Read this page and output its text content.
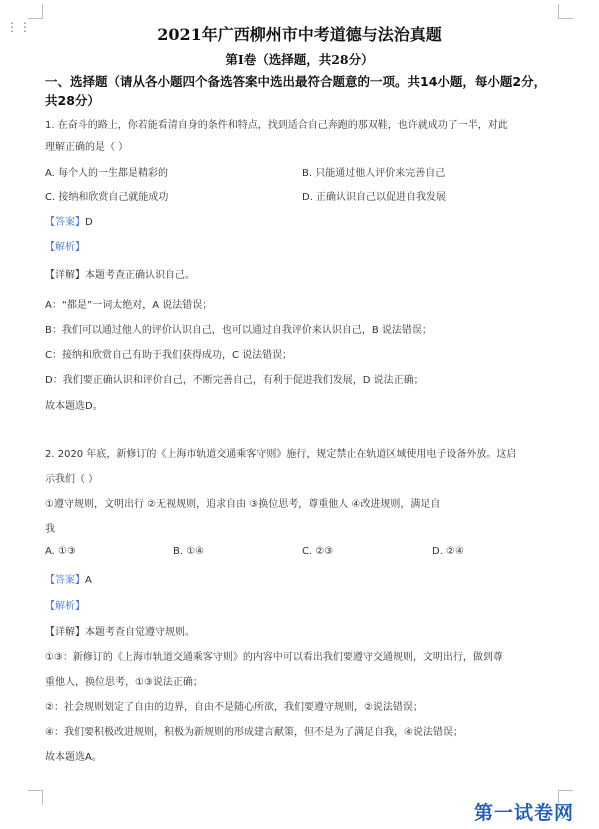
⋮⋮	2021年广西柳州市中考道德与法治真题
第Ⅰ卷（选择题，共28分）
一、选择题（请从各小题四个备选答案中选出最符合题意的一项。共14小题，每小题2分，
共28分）
1. 在奋斗的路上，你若能看清自身的条件和特点，找到适合自己奔跑的那双鞋，也许就成功了一半，对此
理解正确的是（ ）
A. 每个人的一生都是精彩的	B. 只能通过他人评价来完善自己
C. 接纳和欣赏自己就能成功	D. 正确认识自己以促进自我发展
【答案】D
【解析】
【详解】本题考查正确认识自己。
A：“都是”一词太绝对，A 说法错误；
B：我们可以通过他人的评价认识自己，也可以通过自我评价来认识自己，B 说法错误；
C：接纳和欣赏自己有助于我们获得成功，C 说法错误；
D：我们要正确认识和评价自己，不断完善自己，有利于促进我们发展，D 说法正确；
故本题选D。
2. 2020 年底，新修订的《上海市轨道交通乘客守则》施行，规定禁止在轨道区域使用电子设备外放。这启
示我们（ ）
①遵守规则，文明出行 ②无视规则，追求自由 ③换位思考，尊重他人 ④改进规则，满足自
我
A. ①③	B. ①④	C. ②③	D. ②④
【答案】A
【解析】
【详解】本题考查自觉遵守规则。
①③：新修订的《上海市轨道交通乘客守则》的内容中可以看出我们要遵守交通规则，文明出行，做到尊
重他人，换位思考，①③说法正确；
②：社会规则划定了自由的边界，自由不是随心所欲，我们要遵守规则，②说法错误；
④：我们要积极改进规则，积极为新规则的形成建言献策，但不是为了满足自我，④说法错误；
故本题选A。
第一试卷网
